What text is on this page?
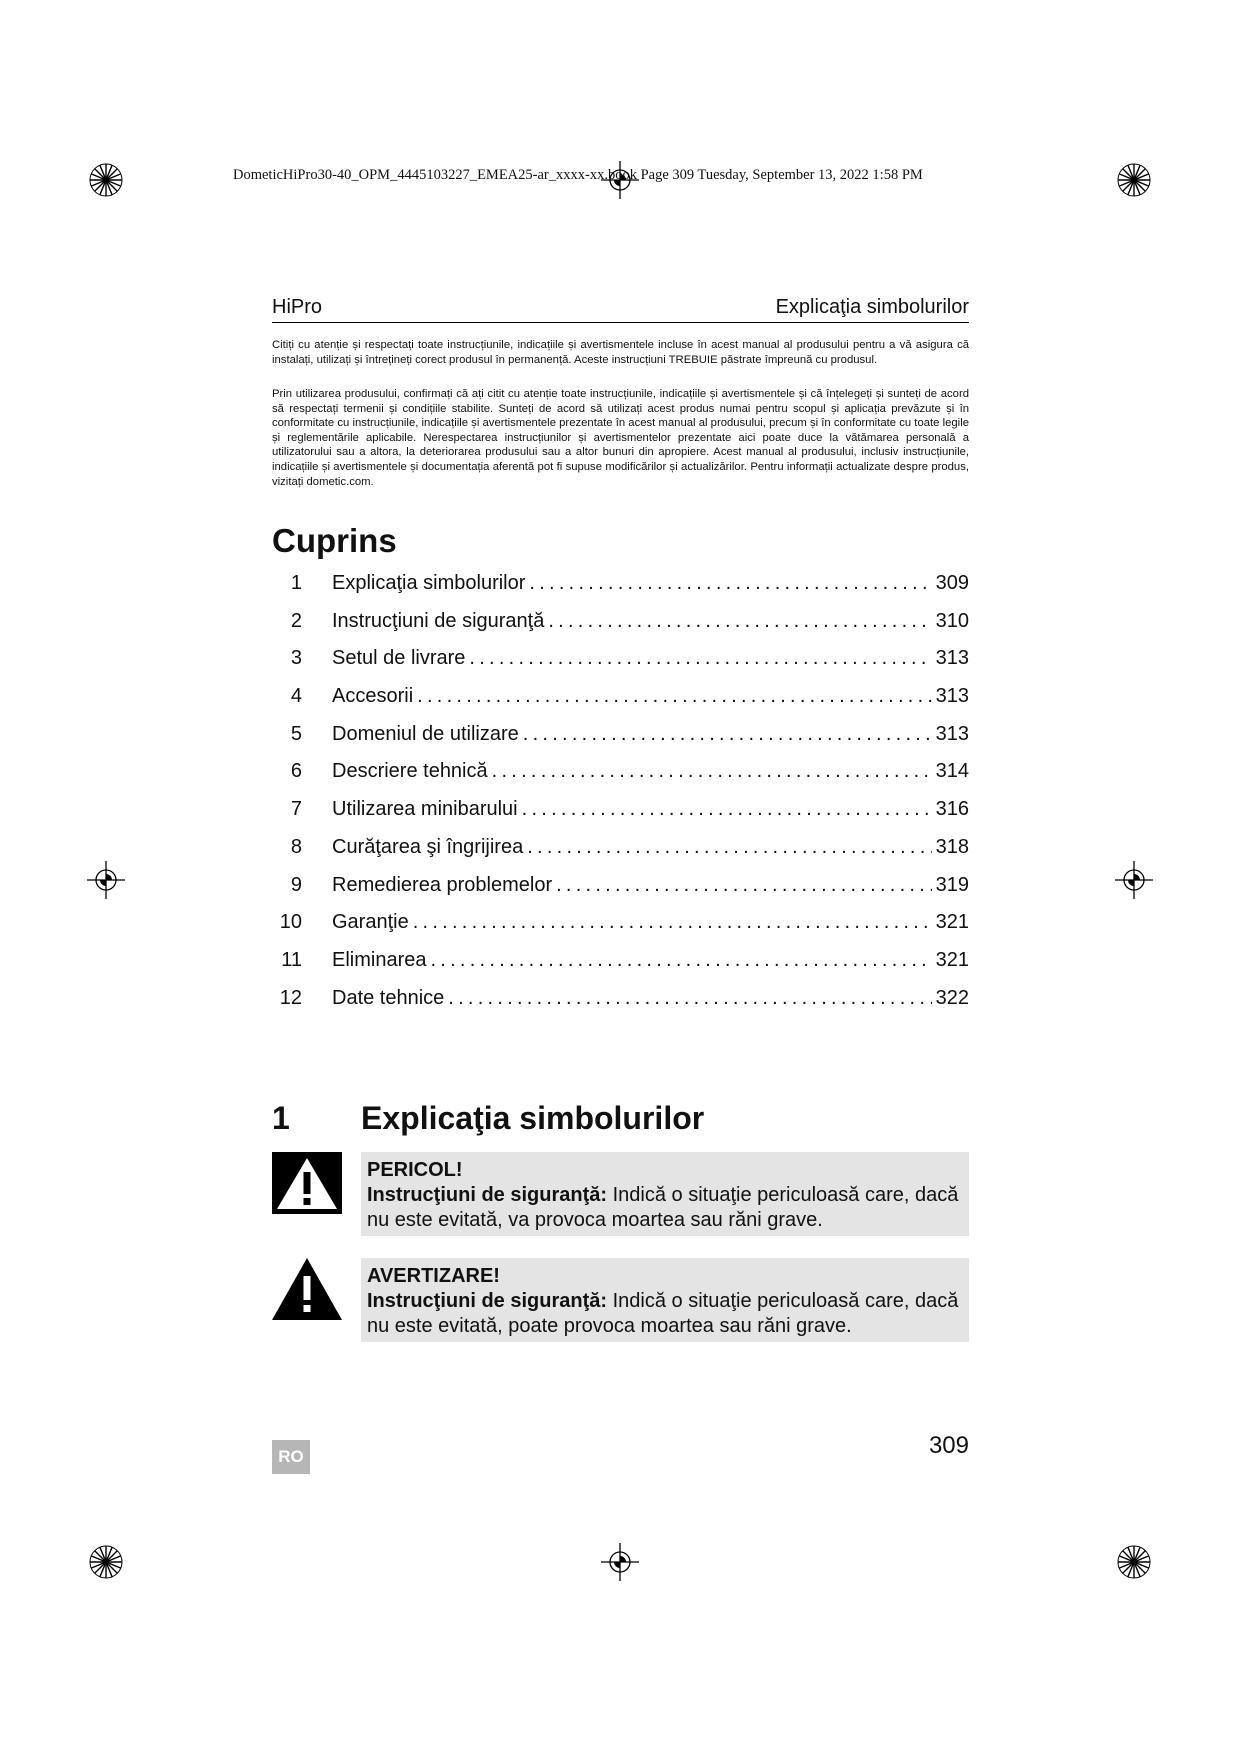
DometicHiPro30-40_OPM_4445103227_EMEA25-ar_xxxx-xx.book Page 309 Tuesday, September 13, 2022 1:58 PM
HiPro	Explicaţia simbolurilor

Citiți cu atenție și respectați toate instrucțiunile, indicațiile și avertismentele incluse în acest manual al produsului pentru a vă asigura că instalați, utilizați și întrețineți corect produsul în permanență. Aceste instrucțiuni TREBUIE păstrate împreună cu produsul.

Prin utilizarea produsului, confirmați că ați citit cu atenție toate instrucțiunile, indicațiile și avertismentele și că înțelegeți și sunteți de acord să respectați termenii și condițiile stabilite. Sunteți de acord să utilizați acest produs numai pentru scopul și aplicația prevăzute și în conformitate cu instrucțiunile, indicațiile și avertismentele prezentate în acest manual al produsului, precum și în conformitate cu toate legile și reglementările aplicabile. Nerespectarea instrucțiunilor și avertismentelor prezentate aici poate duce la vătămarea personală a utilizatorului sau a altora, la deteriorarea produsului sau a altor bunuri din apropiere. Acest manual al produsului, inclusiv instrucțiunile, indicațiile și avertismentele și documentația aferentă pot fi supuse modificărilor și actualizărilor. Pentru informații actualizate despre produs, vizitați dometic.com.

Cuprins
1 Explicaţia simbolurilor . . .	309
2 Instrucţiuni de siguranţă . . .	310
3 Setul de livrare . . .	313
4 Accesorii . . .	313
5 Domeniul de utilizare . . .	313
6 Descriere tehnică . . .	314
7 Utilizarea minibarului . . .	316
8 Curăţarea şi îngrijirea . . .	318
9 Remedierea problemelor . . .	319
10 Garanţie . . .	321
11 Eliminarea . . .	321
12 Date tehnice . . .	322
1 Explicaţia simbolurilor
PERICOL!
Instrucţiuni de siguranţă: Indică o situaţie periculoasă care, dacă nu este evitată, va provoca moartea sau răni grave.
AVERTIZARE!
Instrucţiuni de siguranţă: Indică o situaţie periculoasă care, dacă nu este evitată, poate provoca moartea sau răni grave.
RO	309
